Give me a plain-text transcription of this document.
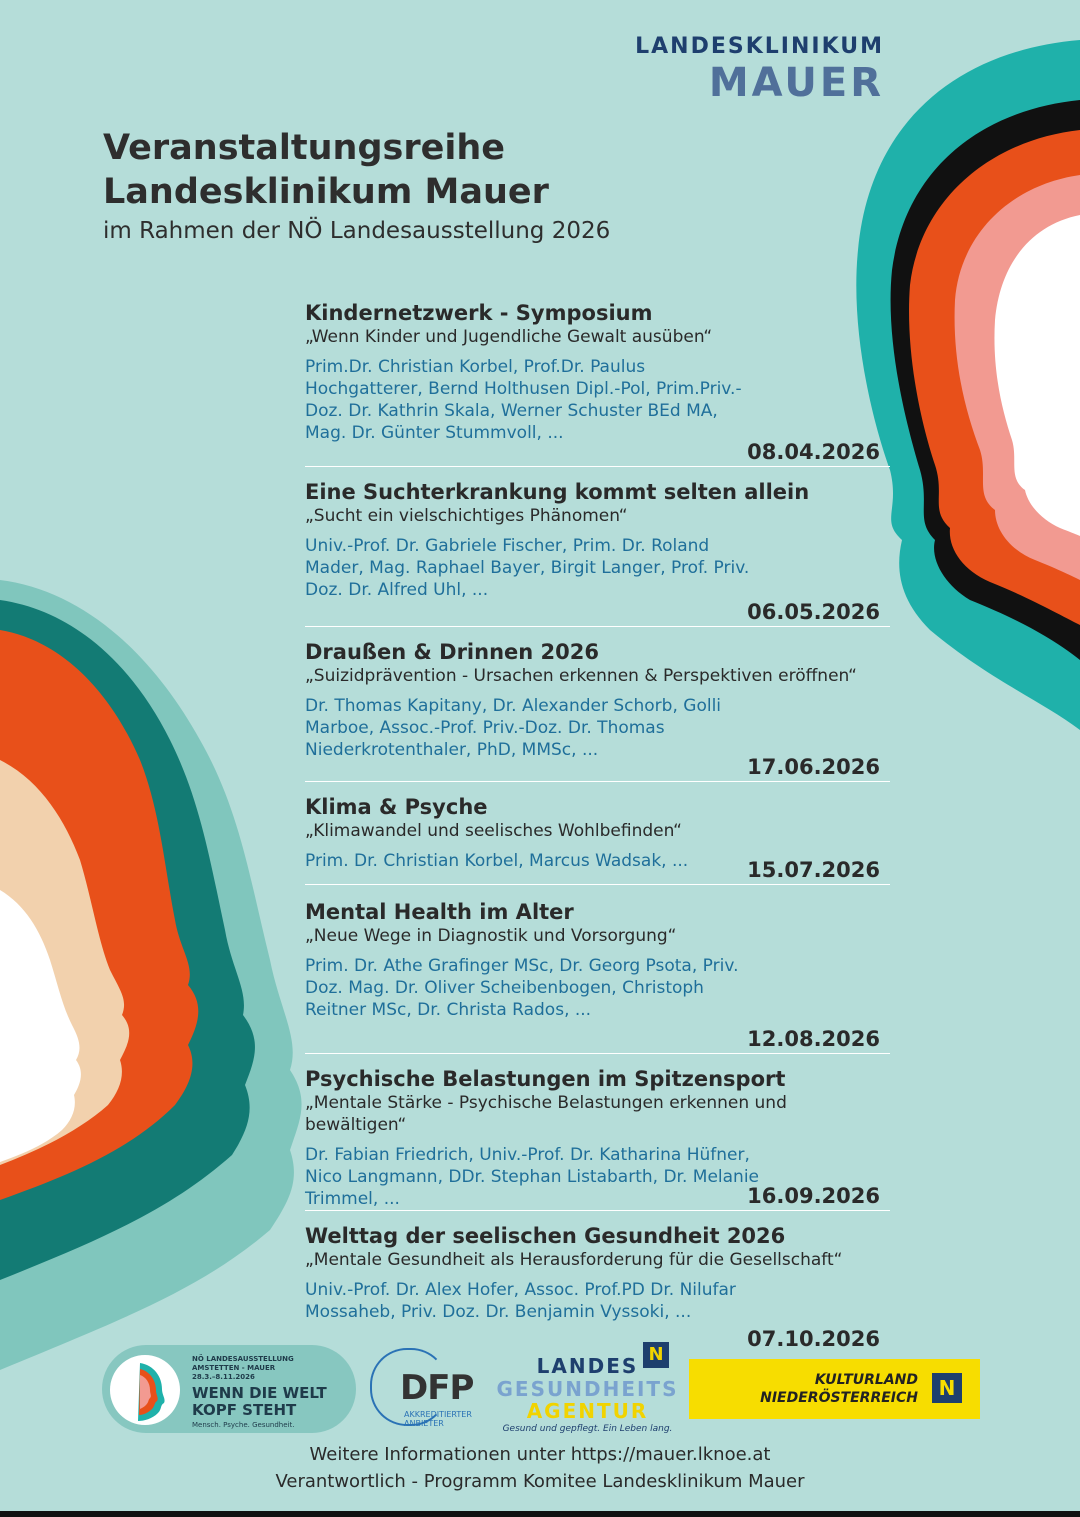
LANDESKLINIKUM
MAUER
Veranstaltungsreihe
Landesklinikum Mauer
im Rahmen der NÖ Landesausstellung 2026
Kindernetzwerk - Symposium
„Wenn Kinder und Jugendliche Gewalt ausüben“
Prim.Dr. Christian Korbel, Prof.Dr. Paulus Hochgatterer, Bernd Holthusen Dipl.-Pol, Prim.Priv.-Doz. Dr. Kathrin Skala, Werner Schuster BEd MA, Mag. Dr. Günter Stummvoll, ...
08.04.2026
Eine Suchterkrankung kommt selten allein
„Sucht ein vielschichtiges Phänomen“
Univ.-Prof. Dr. Gabriele Fischer, Prim. Dr. Roland Mader, Mag. Raphael Bayer, Birgit Langer, Prof. Priv. Doz. Dr. Alfred Uhl, ...
06.05.2026
Draußen & Drinnen 2026
„Suizidprävention - Ursachen erkennen & Perspektiven eröffnen“
Dr. Thomas Kapitany, Dr. Alexander Schorb, Golli Marboe, Assoc.-Prof. Priv.-Doz. Dr. Thomas Niederkrotenthaler, PhD, MMSc, ...
17.06.2026
Klima & Psyche
„Klimawandel und seelisches Wohlbefinden“
Prim. Dr. Christian Korbel, Marcus Wadsak, ...	15.07.2026
Mental Health im Alter
„Neue Wege in Diagnostik und Vorsorgung“
Prim. Dr. Athe Grafinger MSc, Dr. Georg Psota, Priv. Doz. Mag. Dr. Oliver Scheibenbogen, Christoph Reitner MSc, Dr. Christa Rados, ...
12.08.2026
Psychische Belastungen im Spitzensport
„Mentale Stärke - Psychische Belastungen erkennen und bewältigen“
Dr. Fabian Friedrich, Univ.-Prof. Dr. Katharina Hüfner, Nico Langmann, DDr. Stephan Listabarth, Dr. Melanie Trimmel, ...	16.09.2026
Welttag der seelischen Gesundheit 2026
„Mentale Gesundheit als Herausforderung für die Gesellschaft“
Univ.-Prof. Dr. Alex Hofer, Assoc. Prof.PD Dr. Nilufar Mossaheb, Priv. Doz. Dr. Benjamin Vyssoki, ...
07.10.2026
NÖ LANDESAUSSTELLUNG
AMSTETTEN - MAUER
28.3.–8.11.2026
WENN DIE WELT
KOPF STEHT
Mensch. Psyche. Gesundheit.
DFP
AKKREDITIERTER
ANBIETER
N
LANDES
GESUNDHEITS
AGENTUR
Gesund und gepflegt. Ein Leben lang.
KULTURLAND
NIEDERÖSTERREICH	N
Weitere Informationen unter https://mauer.lknoe.at
Verantwortlich - Programm Komitee Landesklinikum Mauer
